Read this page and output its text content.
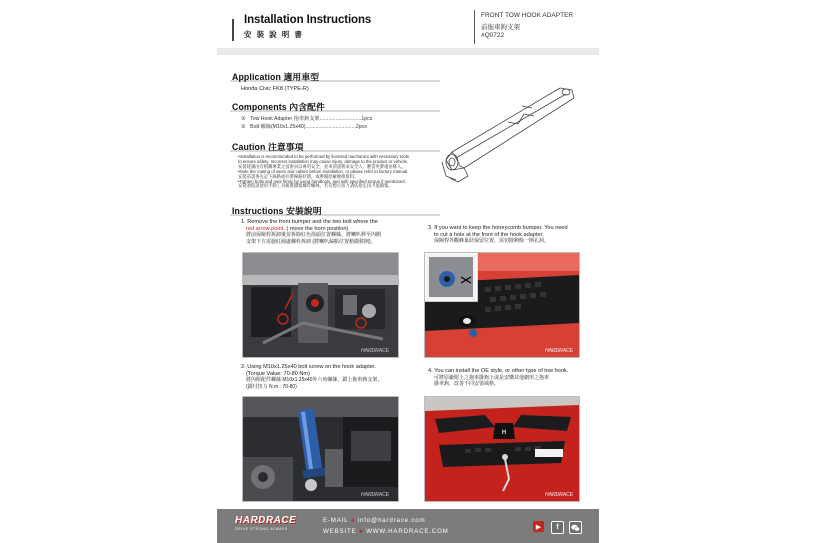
Installation Instructions
安 裝 說 明 書
FRONT TOW HOOK ADAPTER
前拖車鉤支架
#Q0722
Application 適用車型
Honda Civic FK8 (TYPE-R)
Components 內含配件
① Tow Hook Adapter 拖車鉤支架.............................1pcs
② Bolt 螺絲(M10x1.25x40)...................................2pcs
Caution 注意事項
•Installation is recommended to be performed by licensed mechanics with necessary tools
to ensure safety. Incorrect installation may cause injury, damage to the product or vehicle.
安裝建議由有相關專業之技術員以專用安全，並來須請務求安全入，應當更審處由修人。
•Note the routing of wires and cables before installation, or please refer to factory manual.
安裝前請事先記下線路或拉帶線路狀態，或參閱原廠維修資料。
•Tighten bolts and nuts firmly by using handtools, and with specified torque if mentioned.
安裝過程請使用手動工具確實鎖緊螺母螺絲，若有標示扭力請依指定扭力值鎖緊。
Instructions 安裝說明
1. Remove the front bumper and the two bolt where the
red arrow point. ( move the horn position)
將前保險桿拆卸後並拆除紅色箭頭位置螺絲，將喇叭移至內側
支架下方需施紅圈處螺栓拆卸 (將喇叭偏點位置稍微移開)。
3. If you want to keep the honeycomb bumper. You need
to cut a hole at the front of the hook adapter.
保險桿外觀蜂巢狀保留位置，需切除剩餘一開孔洞。
HARDRACE	HARDRACE
2. Using M10x1.25x40 bolt screw on the hook adapter.
(Torque Value: 70-80 Nm)
將內附配件螺絲 M10x1.25x40外六角螺絲，鎖上拖車鉤支架。
(鎖付扭力 N.m : 70-80)
4. You can install the OE style, or other type of tow hook.
可將原廠附上之拖車掛鉤上或是安購其他網形之拖車
掛車鉤，改善不同安裝風格。
HARDRACE
H
HARDRACE
HARDRACE
DRIVE STRONG ALWAYS
E-MAIL ● info@hardrace.com
WEBSITE ● WWW.HARDRACE.COM
▶	f
